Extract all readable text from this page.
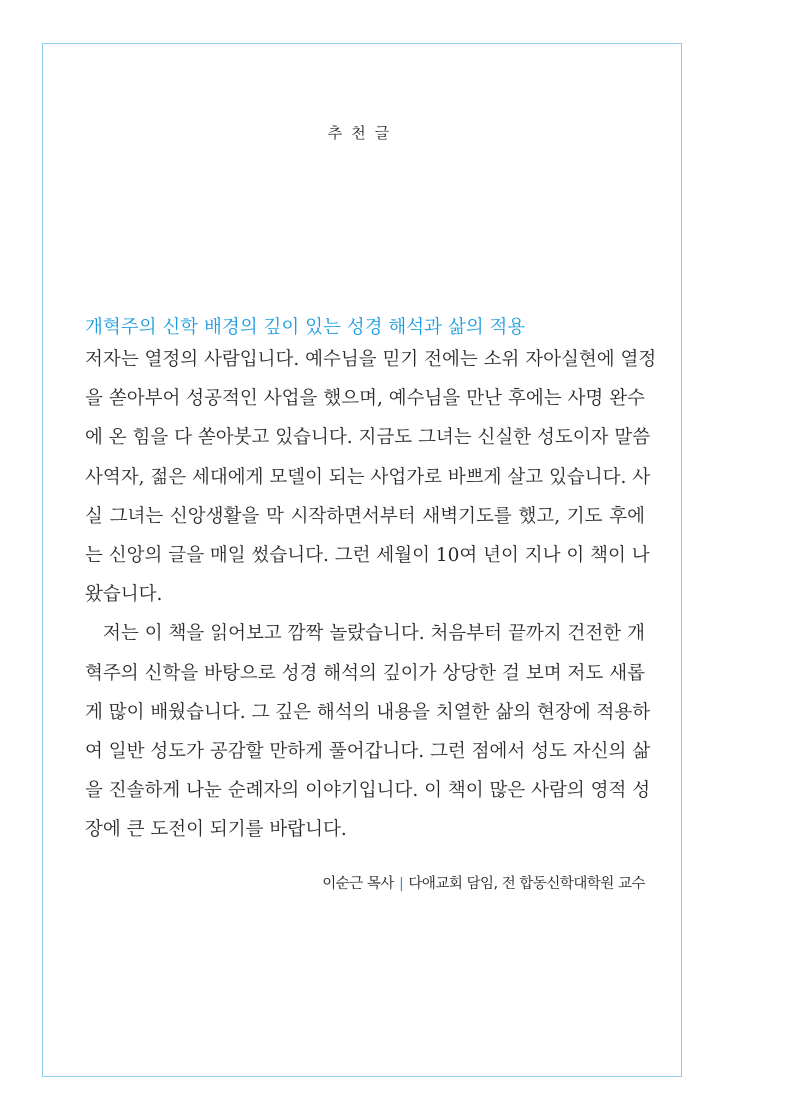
추천글
개혁주의 신학 배경의 깊이 있는 성경 해석과 삶의 적용
저자는 열정의 사람입니다. 예수님을 믿기 전에는 소위 자아실현에 열정
을 쏟아부어 성공적인 사업을 했으며, 예수님을 만난 후에는 사명 완수
에 온 힘을 다 쏟아붓고 있습니다. 지금도 그녀는 신실한 성도이자 말씀
사역자, 젊은 세대에게 모델이 되는 사업가로 바쁘게 살고 있습니다. 사
실 그녀는 신앙생활을 막 시작하면서부터 새벽기도를 했고, 기도 후에
는 신앙의 글을 매일 썼습니다. 그런 세월이 10여 년이 지나 이 책이 나
왔습니다.
저는 이 책을 읽어보고 깜짝 놀랐습니다. 처음부터 끝까지 건전한 개
혁주의 신학을 바탕으로 성경 해석의 깊이가 상당한 걸 보며 저도 새롭
게 많이 배웠습니다. 그 깊은 해석의 내용을 치열한 삶의 현장에 적용하
여 일반 성도가 공감할 만하게 풀어갑니다. 그런 점에서 성도 자신의 삶
을 진솔하게 나눈 순례자의 이야기입니다. 이 책이 많은 사람의 영적 성
장에 큰 도전이 되기를 바랍니다.
이순근 목사 | 다애교회 담임, 전 합동신학대학원 교수
